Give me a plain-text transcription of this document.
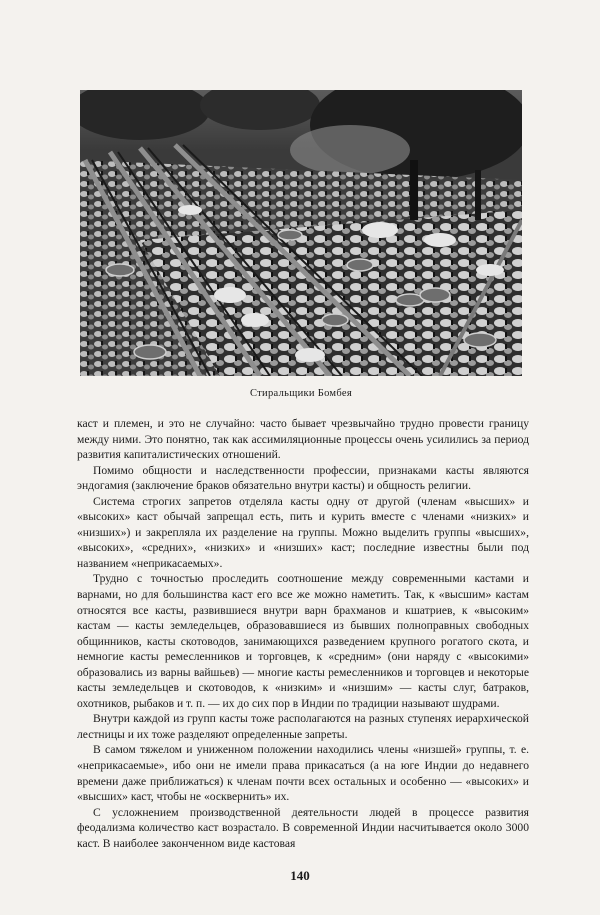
Стиральщики Бомбея

каст и племен, и это не случайно: часто бывает чрезвычайно трудно провести границу между ними. Это понятно, так как ассимиляционные процессы очень усилились за период развития капиталистических отношений.

Помимо общности и наследственности профессии, признаками касты являются эндогамия (заключение браков обязательно внутри касты) и общность религии.

Система строгих запретов отделяла касты одну от другой (членам «высших» и «высоких» каст обычай запрещал есть, пить и курить вместе с членами «низких» и «низших») и закрепляла их разделение на группы. Можно выделить группы «высших», «высоких», «средних», «низких» и «низших» каст; последние известны были под названием «неприкасаемых».

Трудно с точностью проследить соотношение между современными кастами и варнами, но для большинства каст его все же можно наметить. Так, к «высшим» кастам относятся все касты, развившиеся внутри варн брахманов и кшатриев, к «высоким» кастам — касты земледельцев, образовавшиеся из бывших полноправных свободных общинников, касты скотоводов, занимающихся разведением крупного рогатого скота, и немногие касты ремесленников и торговцев, к «средним» (они наряду с «высокими» образовались из варны вайшьев) — многие касты ремесленников и торговцев и некоторые касты земледельцев и скотоводов, к «низким» и «низшим» — касты слуг, батраков, охотников, рыбаков и т. п. — их до сих пор в Индии по традиции называют шудрами.

Внутри каждой из групп касты тоже располагаются на разных ступенях иерархической лестницы и их тоже разделяют определенные запреты.

В самом тяжелом и униженном положении находились члены «низшей» группы, т. е. «неприкасаемые», ибо они не имели права прикасаться (а на юге Индии до недавнего времени даже приближаться) к членам почти всех остальных и особенно — «высоких» и «высших» каст, чтобы не «осквернить» их.

С усложнением производственной деятельности людей в процессе развития феодализма количество каст возрастало. В современной Индии насчитывается около 3000 каст. В наиболее законченном виде кастовая

140
